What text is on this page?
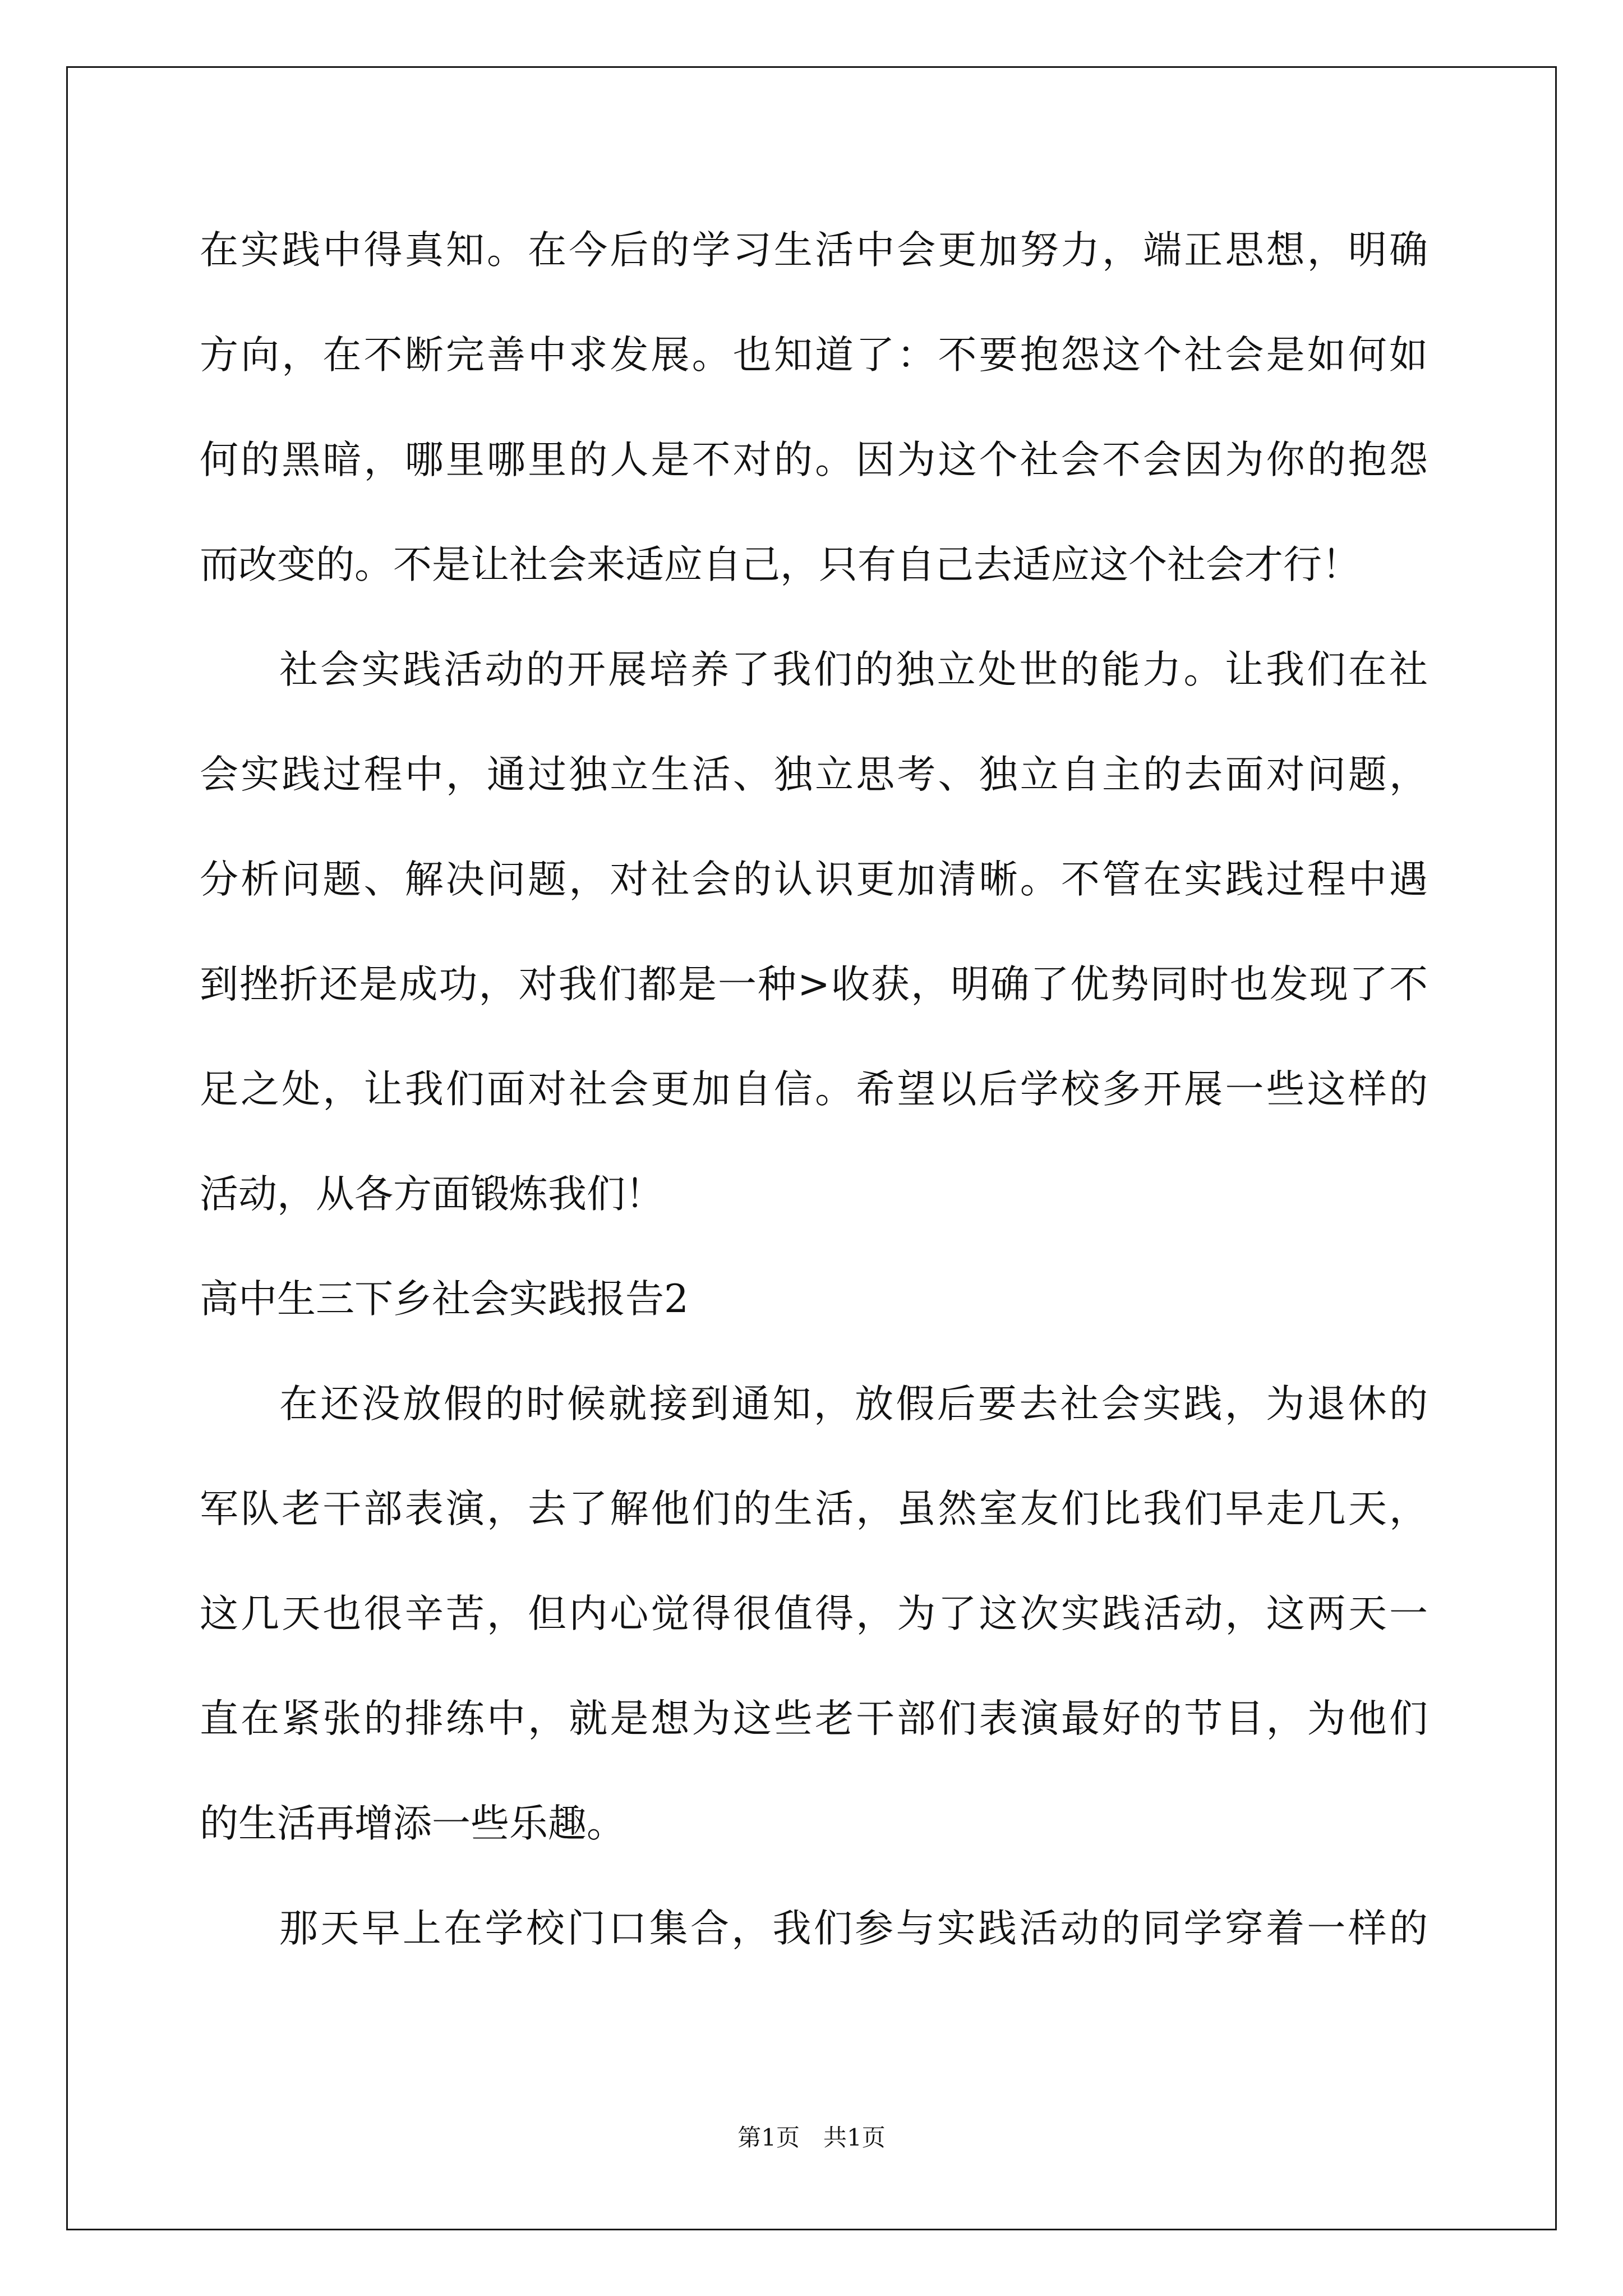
在实践中得真知。在今后的学习生活中会更加努力，端正思想，明确
方向，在不断完善中求发展。也知道了：不要抱怨这个社会是如何如
何的黑暗，哪里哪里的人是不对的。因为这个社会不会因为你的抱怨
而改变的。不是让社会来适应自己，只有自己去适应这个社会才行！
社会实践活动的开展培养了我们的独立处世的能力。让我们在社
会实践过程中，通过独立生活、独立思考、独立自主的去面对问题，
分析问题、解决问题，对社会的认识更加清晰。不管在实践过程中遇
到挫折还是成功，对我们都是一种>收获，明确了优势同时也发现了不
足之处，让我们面对社会更加自信。希望以后学校多开展一些这样的
活动，从各方面锻炼我们！
高中生三下乡社会实践报告2
在还没放假的时候就接到通知，放假后要去社会实践，为退休的
军队老干部表演，去了解他们的生活，虽然室友们比我们早走几天，
这几天也很辛苦，但内心觉得很值得，为了这次实践活动，这两天一
直在紧张的排练中，就是想为这些老干部们表演最好的节目，为他们
的生活再增添一些乐趣。
那天早上在学校门口集合，我们参与实践活动的同学穿着一样的
第1页　共1页
